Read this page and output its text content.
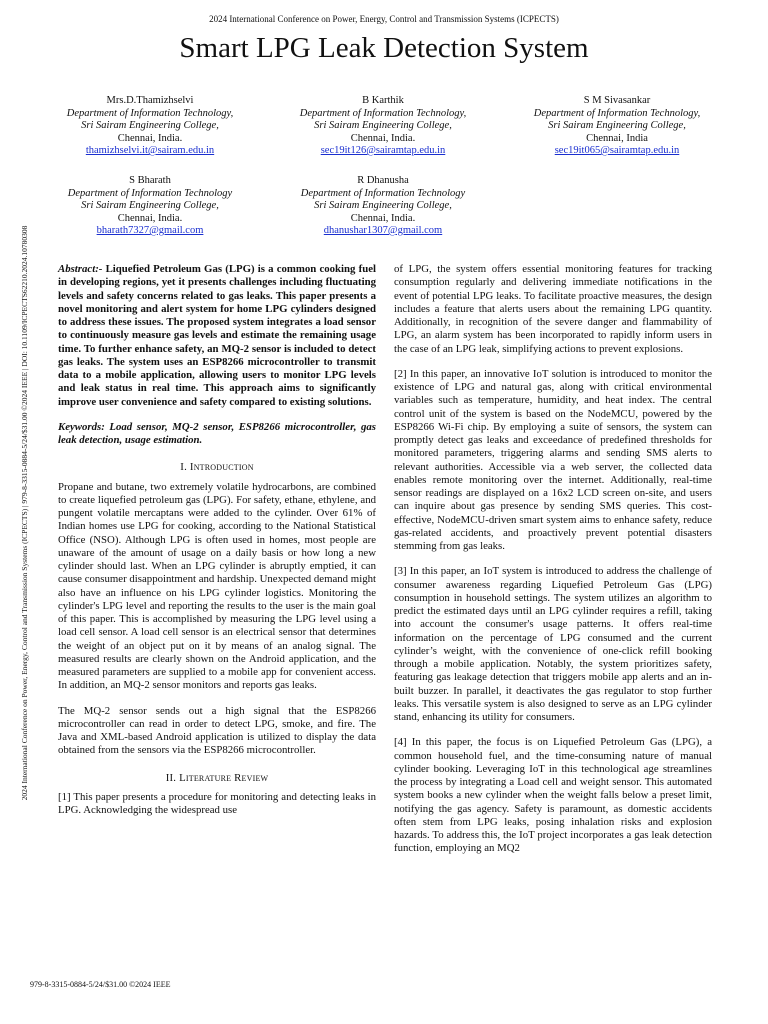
2024 International Conference on Power, Energy, Control and Transmission Systems (ICPECTS)
Smart LPG Leak Detection System
2024 International Conference on Power, Energy, Control and Transmission Systems (ICPECTS) | 979-8-3315-0884-5/24/$31.00 ©2024 IEEE | DOI: 10.1109/ICPECTS62210.2024.10780308
Mrs.D.Thamizhselvi
Department of Information Technology,
Sri Sairam Engineering College,
Chennai, India.
thamizhselvi.it@sairam.edu.in
B Karthik
Department of Information Technology,
Sri Sairam Engineering College,
Chennai, India.
sec19it126@sairamtap.edu.in
S M Sivasankar
Department of Information Technology,
Sri Sairam Engineering College,
Chennai, India
sec19it065@sairamtap.edu.in
S Bharath
Department of Information Technology
Sri Sairam Engineering College,
Chennai, India.
bharath7327@gmail.com
R Dhanusha
Department of Information Technology
Sri Sairam Engineering College,
Chennai, India.
dhanushar1307@gmail.com

Abstract:- Liquefied Petroleum Gas (LPG) is a common cooking fuel in developing regions, yet it presents challenges including fluctuating levels and safety concerns related to gas leaks. This paper presents a novel monitoring and alert system for home LPG cylinders designed to address these issues. The proposed system integrates a load sensor to continuously measure gas levels and estimate the remaining usage time. To further enhance safety, an MQ-2 sensor is included to detect gas leaks. The system uses an ESP8266 microcontroller to transmit data to a mobile application, allowing users to monitor LPG levels and leak status in real time. This approach aims to significantly improve user convenience and safety compared to existing solutions.

Keywords: Load sensor, MQ-2 sensor, ESP8266 microcontroller, gas leak detection, usage estimation.

I. Introduction

Propane and butane, two extremely volatile hydrocarbons, are combined to create liquefied petroleum gas (LPG). For safety, ethane, ethylene, and pungent volatile mercaptans were added to the cylinder. Over 61% of Indian homes use LPG for cooking, according to the National Statistical Office (NSO). Although LPG is often used in homes, most people are unaware of the amount of usage on a daily basis or how long a new cylinder should last. When an LPG cylinder is abruptly emptied, it can cause consumer disappointment and hardship. Unexpected demand might also have an influence on his LPG cylinder logistics. Monitoring the cylinder's LPG level and reporting the results to the user is the main goal of this paper. This is accomplished by measuring the LPG level using a load cell sensor. A load cell sensor is an electrical sensor that determines the weight of an object put on it by means of an analog signal. The measured results are clearly shown on the Android application, and the measured parameters are supplied to a mobile app for convenient access. In addition, an MQ-2 sensor monitors and reports gas leaks.

The MQ-2 sensor sends out a high signal that the ESP8266 microcontroller can read in order to detect LPG, smoke, and fire. The Java and XML-based Android application is utilized to display the data obtained from the sensors via the ESP8266 microcontroller.

II. Literature Review

[1] This paper presents a procedure for monitoring and detecting leaks in LPG. Acknowledging the widespread use

of LPG, the system offers essential monitoring features for tracking consumption regularly and delivering immediate notifications in the event of potential LPG leaks. To facilitate proactive measures, the design includes a feature that alerts users about the remaining LPG quantity. Additionally, in recognition of the severe danger and flammability of LPG, an alarm system has been incorporated to rapidly inform users in the case of an LPG leak, simplifying actions to prevent explosions.

[2] In this paper, an innovative IoT solution is introduced to monitor the existence of LPG and natural gas, along with critical environmental variables such as temperature, humidity, and heat index. The central control unit of the system is based on the NodeMCU, powered by the ESP8266 Wi-Fi chip. By employing a suite of sensors, the system can promptly detect gas leaks and exceedance of predefined thresholds for monitored parameters, triggering alarms and sending SMS alerts to relevant authorities. Accessible via a web server, the collected data enables remote monitoring over the internet. Additionally, real-time sensor readings are displayed on a 16x2 LCD screen on-site, and users can inquire about gas presence by sending SMS queries. This cost-effective, NodeMCU-driven smart system aims to enhance safety, reduce gas-related accidents, and proactively prevent potential disasters stemming from gas leaks.

[3] In this paper, an IoT system is introduced to address the challenge of consumer awareness regarding Liquefied Petroleum Gas (LPG) consumption in household settings. The system utilizes an algorithm to predict the estimated days until an LPG cylinder requires a refill, taking into account the consumer's usage patterns. It offers real-time information on the percentage of LPG consumed and the current cylinder’s weight, with the convenience of one-click refill booking through a mobile application. Notably, the system prioritizes safety, featuring gas leakage detection that triggers mobile app alerts and an in-built buzzer. In parallel, it deactivates the gas regulator to stop further leaks. This versatile system is also designed to serve as an LPG cylinder stand, enhancing its utility for consumers.

[4] In this paper, the focus is on Liquefied Petroleum Gas (LPG), a common household fuel, and the time-consuming nature of manual cylinder booking. Leveraging IoT in this technological age streamlines the process by integrating a Load cell and weight sensor. This automated system books a new cylinder when the weight falls below a preset limit, notifying the gas agency. Safety is paramount, as domestic accidents often stem from LPG leaks, posing inhalation risks and explosion hazards. To address this, the IoT project incorporates a gas leak detection function, employing an MQ2

979-8-3315-0884-5/24/$31.00 ©2024 IEEE
